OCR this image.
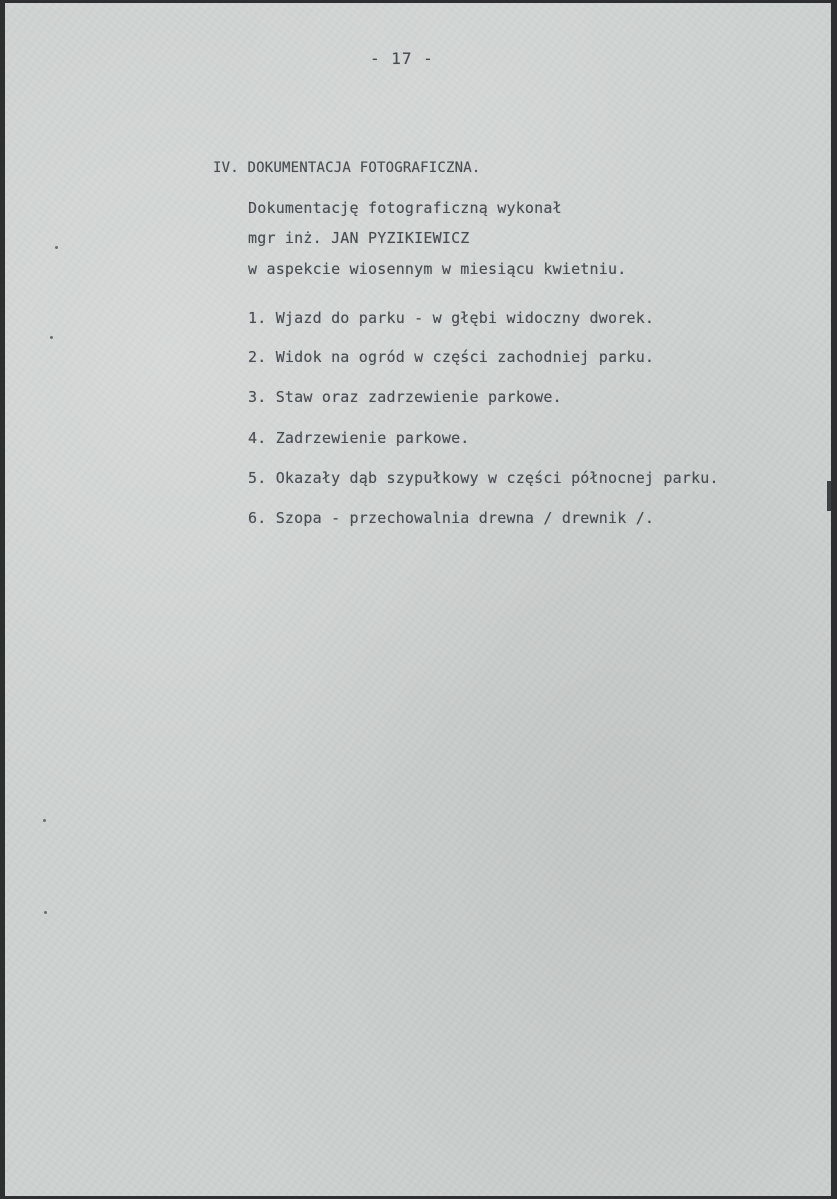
- 17 -
IV. DOKUMENTACJA FOTOGRAFICZNA.
Dokumentację fotograficzną wykonał
mgr inż. JAN PYZIKIEWICZ
w aspekcie wiosennym w miesiącu kwietniu.
1. Wjazd do parku - w głębi widoczny dworek.
2. Widok na ogród w części zachodniej parku.
3. Staw oraz zadrzewienie parkowe.
4. Zadrzewienie parkowe.
5. Okazały dąb szypułkowy w części północnej parku.
6. Szopa - przechowalnia drewna / drewnik /.
